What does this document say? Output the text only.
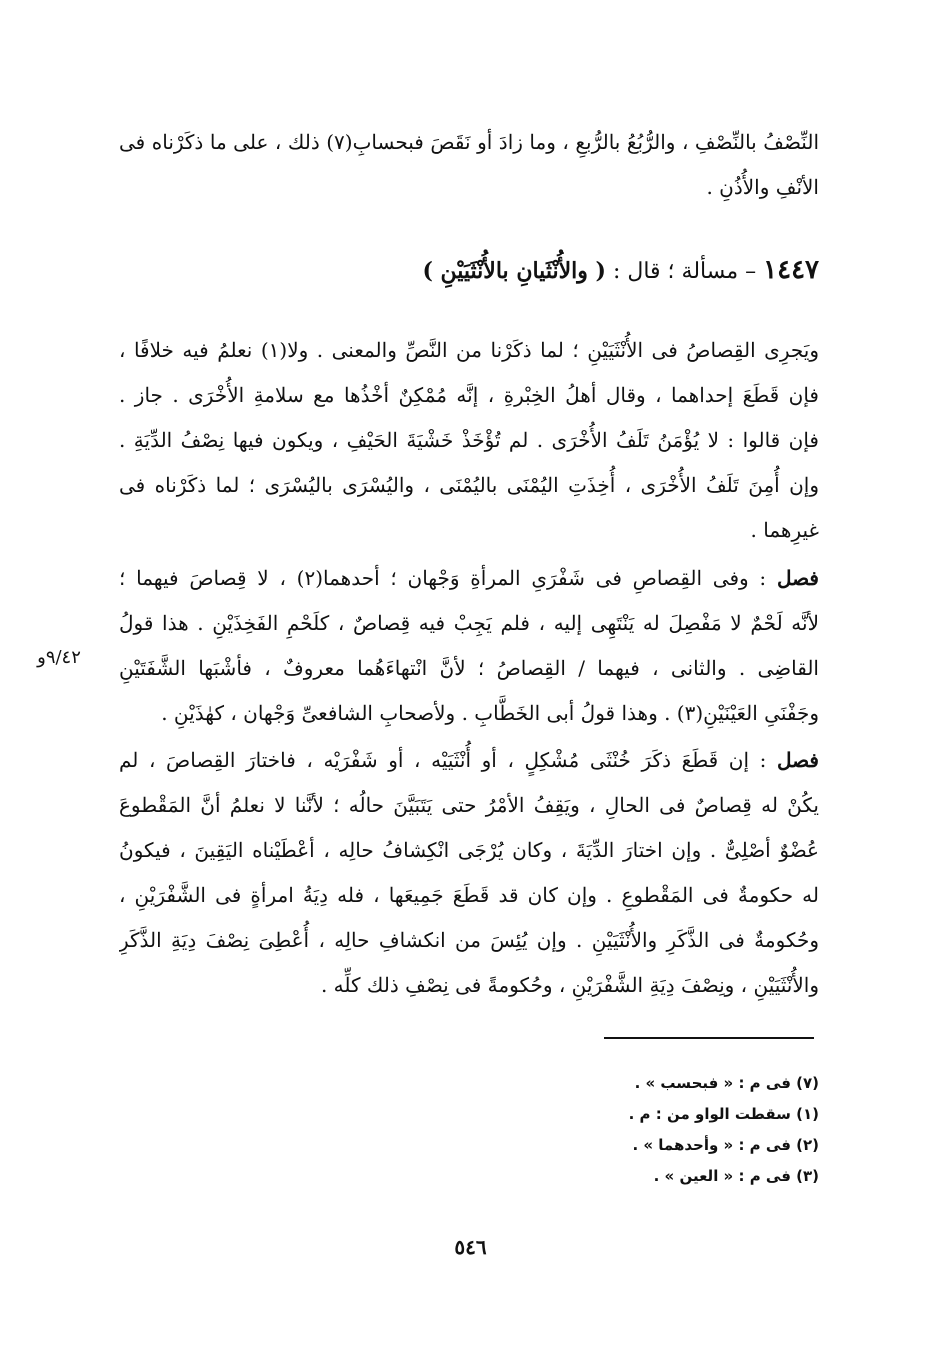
النِّصْفُ بالنِّصْفِ ، والرُّبُعُ بالرُّبعِ ، وما زادَ أو نَقَصَ فبحسابِ(٧) ذلك ، على ما ذكَرْناه فى
الأنْفِ والأُذُنِ .
١٤٤٧ – مسألة ؛ قال : ( والأُنْثَيانِ بالأُنْثَيَيْنِ )
ويَجرِى القِصاصُ فى الأُنْثَيَيْنِ ؛ لما ذكَرْنا من النَّصِّ والمعنى . ولا(١) نعلمُ فيه خلافًا ،
فإن قَطَعَ إحداهما ، وقال أهلُ الخِبْرةِ ، إنَّه مُمْكِنٌ أخْذُها مع سلامةِ الأُخْرَى . جاز .
فإن قالوا : لا يُؤْمَنُ تَلَفُ الأُخْرَى . لم تُؤْخَذْ خَشْيَةَ الحَيْفِ ، ويكون فيها نِصْفُ الدِّيَةِ .
وإن أُمِنَ تَلَفُ الأُخْرَى ، أُخِذَتِ اليُمْنَى باليُمْنَى ، واليُسْرَى باليُسْرَى ؛ لما ذكَرْناه فى
غيرِهما .
فصل : وفى القِصاصِ فى شَفْرَىِ المرأةِ وَجْهان ؛ أحدهما(٢) ، لا قِصاصَ فيهما ؛
لأنَّه لَحْمٌ لا مَفْصِلَ له يَنْتَهِى إليه ، فلم يَجِبْ فيه قِصاصٌ ، كلَحْمِ الفَخِذَيْنِ . هذا قولُ
القاضِى . والثانى ، فيهما / القِصاصُ ؛ لأنَّ انْتهاءَهُما معروفٌ ، فأشْبَها الشَّفَتَيْنِ
وجَفْنَىِ العَيْنَيْنِ(٣) . وهذا قولُ أبى الخَطَّابِ . ولأصحابِ الشافعىِّ وَجْهان ، كهٰذَيْنِ .
٩/٤٢و
فصل : إن قَطَعَ ذكَرَ خُنْثَى مُشْكِلٍ ، أو أُنْثَيَيْه ، أو شَفْرَيْه ، فاختارَ القِصاصَ ، لم
يكُنْ له قِصاصٌ فى الحالِ ، ويَقِفُ الأمْرُ حتى يَتَبَيَّنَ حالُه ؛ لأنَّنا لا نعلمُ أنَّ المَقْطوعَ
عُضْوٌ أصْلِىٌّ . وإن اختارَ الدِّيَةَ ، وكان يُرْجَى انْكِشافُ حالِه ، أعْطَيْناه اليَقِينَ ، فيكونُ
له حكومةٌ فى المَقْطوعِ . وإن كان قد قَطَعَ جَمِيعَها ، فله دِيَةُ امرأةٍ فى الشَّفْرَيْنِ ،
وحُكومةٌ فى الذَّكَرِ والأُنْثَيَيْنِ . وإن يُئِسَ من انكشافِ حالِه ، أُعْطِىَ نِصْفَ دِيَةِ الذَّكَرِ
والأُنْثَيَيْنِ ، ونِصْفَ دِيَةِ الشَّفْرَيْنِ ، وحُكومةً فى نِصْفِ ذلك كلِّه .
(٧) فى م : « فبحسب » .
(١) سقطت الواو من : م .
(٢) فى م : « وأحدهما » .
(٣) فى م : « العين » .
٥٤٦
